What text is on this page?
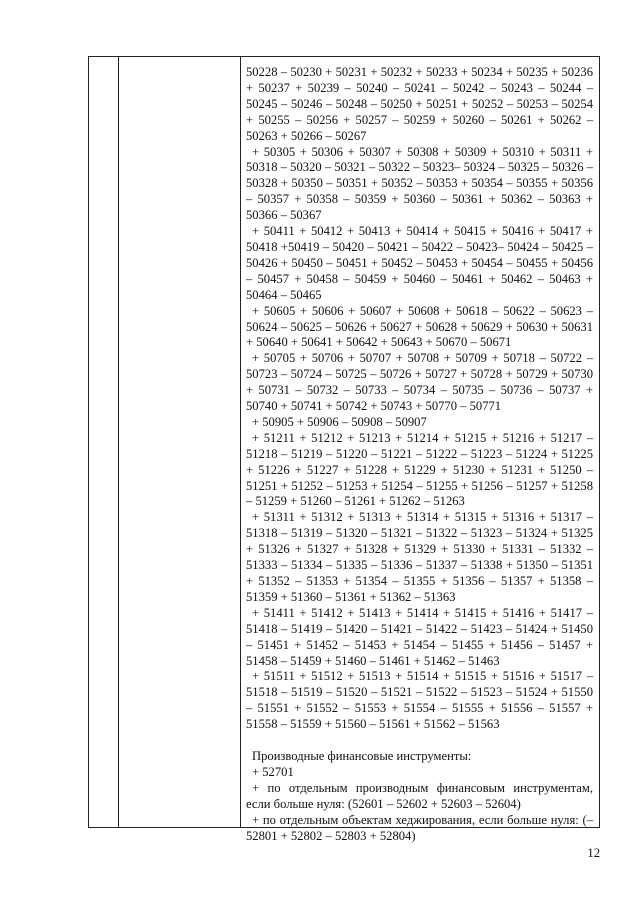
50228 – 50230 + 50231 + 50232 + 50233 + 50234 + 50235 + 50236 + 50237 + 50239 – 50240 – 50241 – 50242 – 50243 – 50244 – 50245 – 50246 – 50248 – 50250 + 50251 + 50252 – 50253 – 50254 + 50255 – 50256 + 50257 – 50259 + 50260 – 50261 + 50262 – 50263 + 50266 – 50267

+ 50305 + 50306 + 50307 + 50308 + 50309 + 50310 + 50311 + 50318 – 50320 – 50321 – 50322 – 50323– 50324 – 50325 – 50326 – 50328 + 50350 – 50351 + 50352 – 50353 + 50354 – 50355 + 50356 – 50357 + 50358 – 50359 + 50360 – 50361 + 50362 – 50363 + 50366 – 50367

+ 50411 + 50412 + 50413 + 50414 + 50415 + 50416 + 50417 + 50418 +50419 – 50420 – 50421 – 50422 – 50423– 50424 – 50425 – 50426 + 50450 – 50451 + 50452 – 50453 + 50454 – 50455 + 50456 – 50457 + 50458 – 50459 + 50460 – 50461 + 50462 – 50463 + 50464 – 50465

+ 50605 + 50606 + 50607 + 50608 + 50618 – 50622 – 50623 – 50624 – 50625 – 50626 + 50627 + 50628 + 50629 + 50630 + 50631 + 50640 + 50641 + 50642 + 50643 + 50670 – 50671

+ 50705 + 50706 + 50707 + 50708 + 50709 + 50718 – 50722 – 50723 – 50724 – 50725 – 50726 + 50727 + 50728 + 50729 + 50730 + 50731 – 50732 – 50733 – 50734 – 50735 – 50736 – 50737 + 50740 + 50741 + 50742 + 50743 + 50770 – 50771

+ 50905 + 50906 – 50908 – 50907

+ 51211 + 51212 + 51213 + 51214 + 51215 + 51216 + 51217 – 51218 – 51219 – 51220 – 51221 – 51222 – 51223 – 51224 + 51225 + 51226 + 51227 + 51228 + 51229 + 51230 + 51231 + 51250 – 51251 + 51252 – 51253 + 51254 – 51255 + 51256 – 51257 + 51258 – 51259 + 51260 – 51261 + 51262 – 51263

+ 51311 + 51312 + 51313 + 51314 + 51315 + 51316 + 51317 – 51318 – 51319 – 51320 – 51321 – 51322 – 51323 – 51324 + 51325 + 51326 + 51327 + 51328 + 51329 + 51330 + 51331 – 51332 – 51333 – 51334 – 51335 – 51336 – 51337 – 51338 + 51350 – 51351 + 51352 – 51353 + 51354 – 51355 + 51356 – 51357 + 51358 – 51359 + 51360 – 51361 + 51362 – 51363

+ 51411 + 51412 + 51413 + 51414 + 51415 + 51416 + 51417 – 51418 – 51419 – 51420 – 51421 – 51422 – 51423 – 51424 + 51450 – 51451 + 51452 – 51453 + 51454 – 51455 + 51456 – 51457 + 51458 – 51459 + 51460 – 51461 + 51462 – 51463

+ 51511 + 51512 + 51513 + 51514 + 51515 + 51516 + 51517 – 51518 – 51519 – 51520 – 51521 – 51522 – 51523 – 51524 + 51550 – 51551 + 51552 – 51553 + 51554 – 51555 + 51556 – 51557 + 51558 – 51559 + 51560 – 51561 + 51562 – 51563

Производные финансовые инструменты:

+ 52701

+ по отдельным производным финансовым инструментам, если больше нуля: (52601 – 52602 + 52603 – 52604)

+ по отдельным объектам хеджирования, если больше нуля: (– 52801 + 52802 – 52803 + 52804)

12
